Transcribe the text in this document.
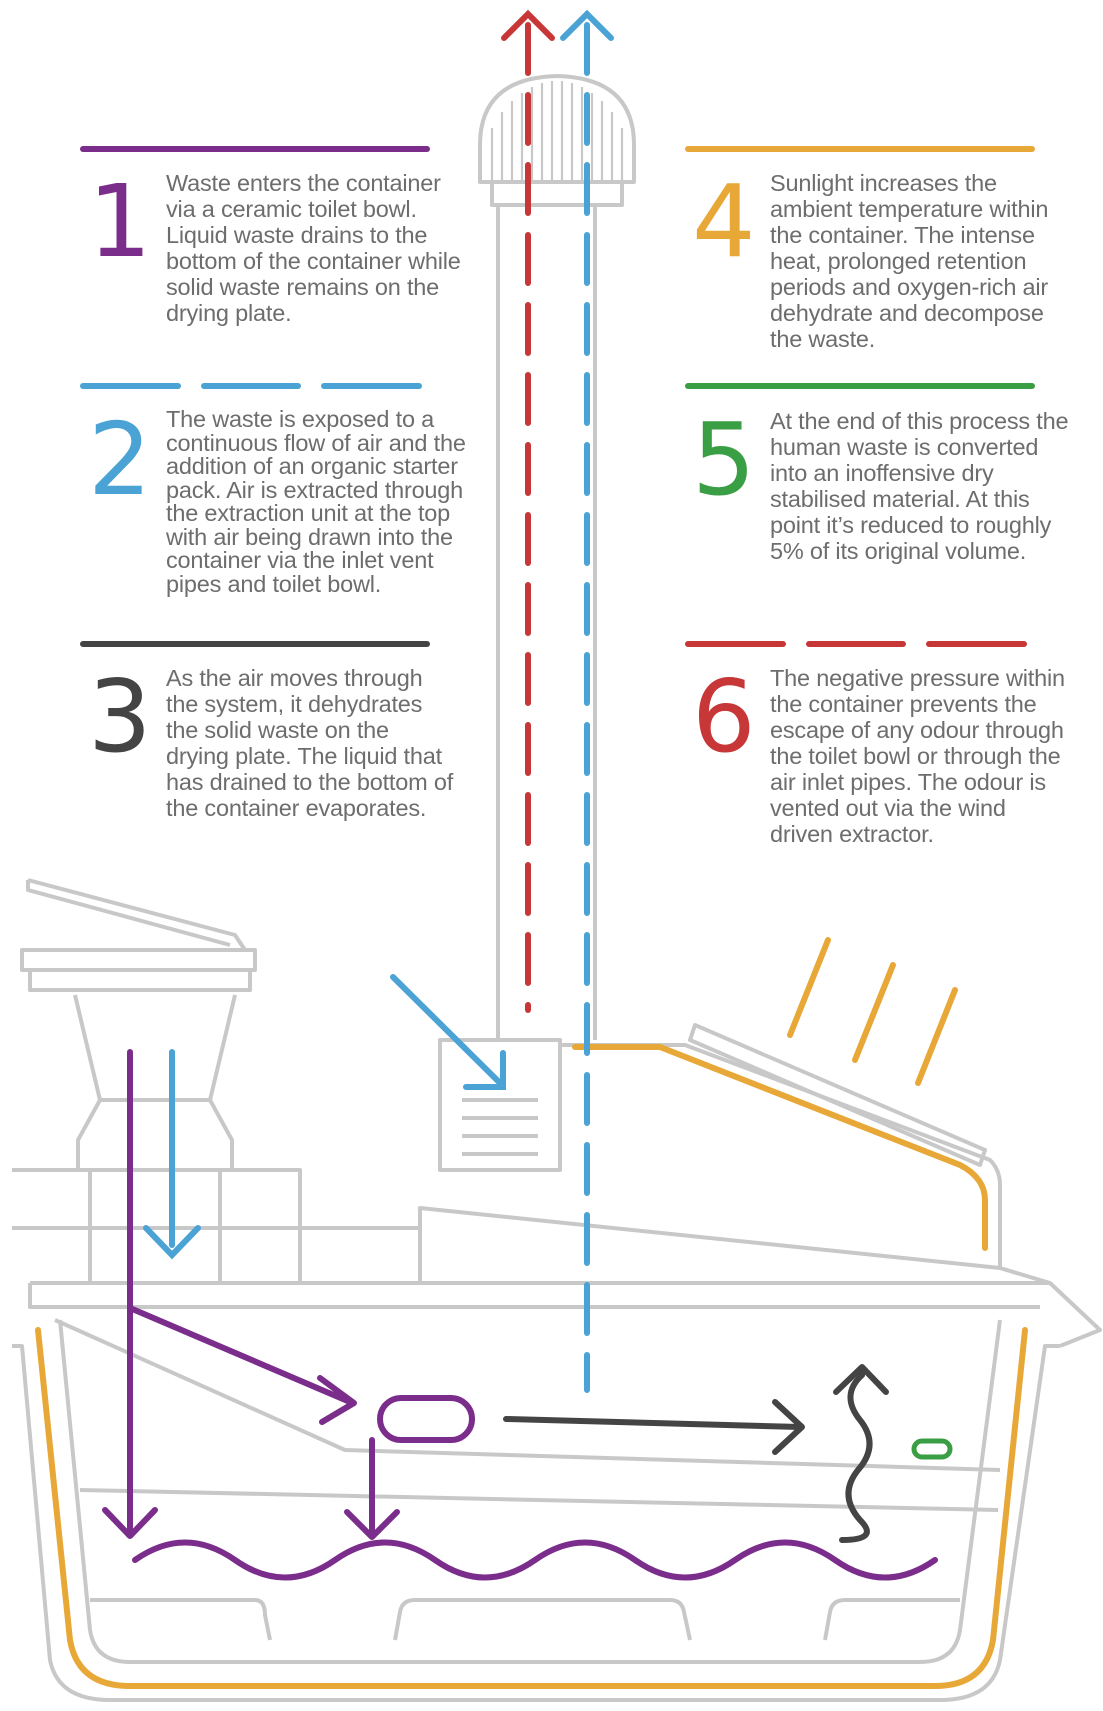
1 Waste enters the container via a ceramic toilet bowl. Liquid waste drains to the bottom of the container while solid waste remains on the drying plate.
2 The waste is exposed to a continuous flow of air and the addition of an organic starter pack. Air is extracted through the extraction unit at the top with air being drawn into the container via the inlet vent pipes and toilet bowl.
3 As the air moves through the system, it dehydrates the solid waste on the drying plate. The liquid that has drained to the bottom of the container evaporates.
4 Sunlight increases the ambient temperature within the container. The intense heat, prolonged retention periods and oxygen-rich air dehydrate and decompose the waste.
5 At the end of this process the human waste is converted into an inoffensive dry stabilised material. At this point it’s reduced to roughly 5% of its original volume.
6 The negative pressure within the container prevents the escape of any odour through the toilet bowl or through the air inlet pipes. The odour is vented out via the wind driven extractor.
